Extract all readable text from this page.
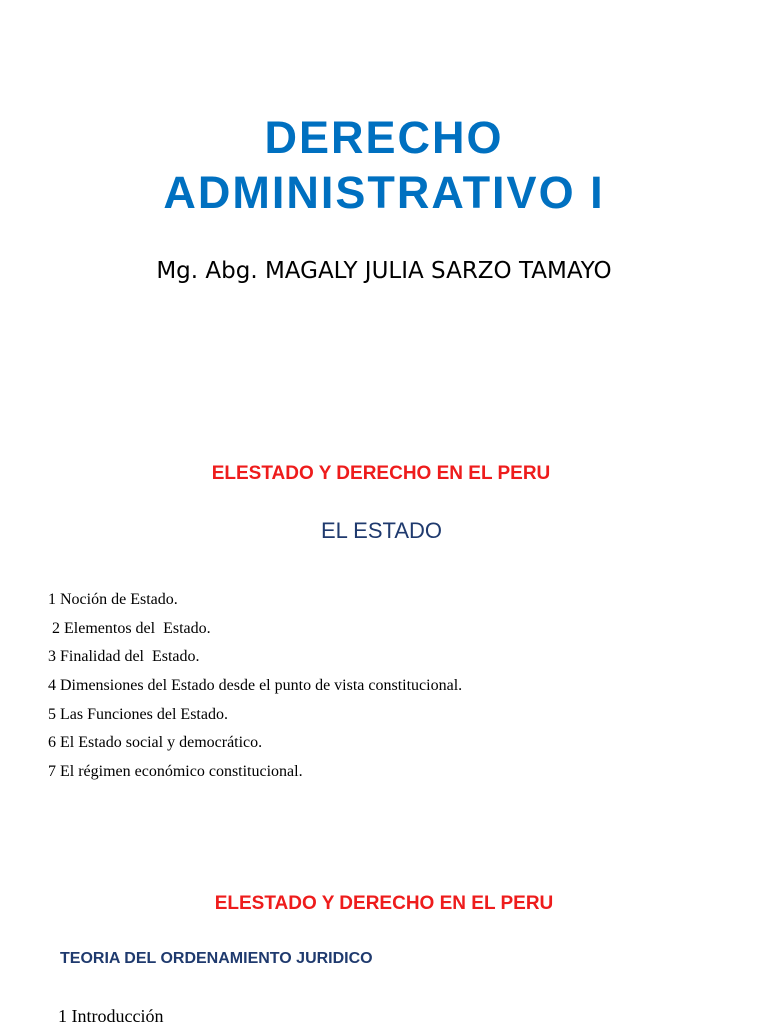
DERECHO
ADMINISTRATIVO I
Mg. Abg. MAGALY JULIA SARZO TAMAYO
ELESTADO Y DERECHO EN EL PERU
EL ESTADO
1 Noción de Estado.
2 Elementos del  Estado.
3 Finalidad del  Estado.
4 Dimensiones del Estado desde el punto de vista constitucional.
5 Las Funciones del Estado.
6 El Estado social y democrático.
7 El régimen económico constitucional.
ELESTADO Y DERECHO EN EL PERU
TEORIA DEL ORDENAMIENTO JURIDICO
1 Introducción
